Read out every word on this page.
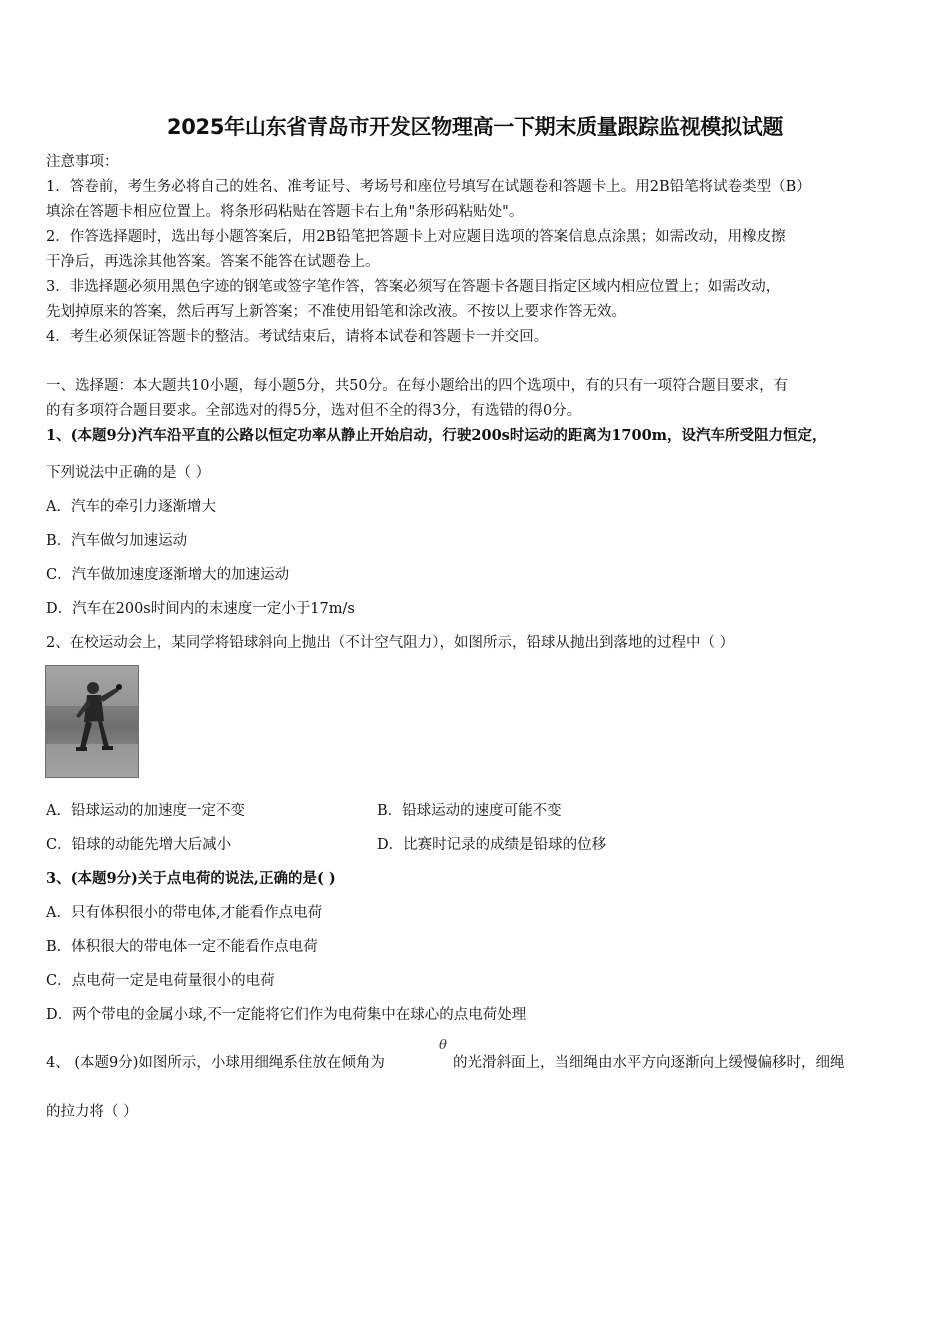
2025年山东省青岛市开发区物理高一下期末质量跟踪监视模拟试题
注意事项：
1．答卷前，考生务必将自己的姓名、准考证号、考场号和座位号填写在试题卷和答题卡上。用2B铅笔将试卷类型（B）
填涂在答题卡相应位置上。将条形码粘贴在答题卡右上角"条形码粘贴处"。
2．作答选择题时，选出每小题答案后，用2B铅笔把答题卡上对应题目选项的答案信息点涂黑；如需改动，用橡皮擦
干净后，再选涂其他答案。答案不能答在试题卷上。
3．非选择题必须用黑色字迹的钢笔或签字笔作答，答案必须写在答题卡各题目指定区域内相应位置上；如需改动，
先划掉原来的答案，然后再写上新答案；不准使用铅笔和涂改液。不按以上要求作答无效。
4．考生必须保证答题卡的整洁。考试结束后，请将本试卷和答题卡一并交回。
一、选择题：本大题共10小题，每小题5分，共50分。在每小题给出的四个选项中，有的只有一项符合题目要求，有
的有多项符合题目要求。全部选对的得5分，选对但不全的得3分，有选错的得0分。
1、(本题9分)汽车沿平直的公路以恒定功率从静止开始启动，行驶200s时运动的距离为1700m，设汽车所受阻力恒定，
下列说法中正确的是（ ）
A．汽车的牵引力逐渐增大
B．汽车做匀加速运动
C．汽车做加速度逐渐增大的加速运动
D．汽车在200s时间内的末速度一定小于17m/s
2、在校运动会上，某同学将铅球斜向上抛出（不计空气阻力），如图所示，铅球从抛出到落地的过程中（ ）
A．铅球运动的加速度一定不变	B．铅球运动的速度可能不变
C．铅球的动能先增大后减小	D．比赛时记录的成绩是铅球的位移
3、(本题9分)关于点电荷的说法,正确的是( )
A．只有体积很小的带电体,才能看作点电荷
B．体积很大的带电体一定不能看作点电荷
C．点电荷一定是电荷量很小的电荷
D．两个带电的金属小球,不一定能将它们作为电荷集中在球心的点电荷处理
4、 (本题9分)如图所示，小球用细绳系住放在倾角为
θ
的光滑斜面上，当细绳由水平方向逐渐向上缓慢偏移时，细绳
的拉力将（ ）
